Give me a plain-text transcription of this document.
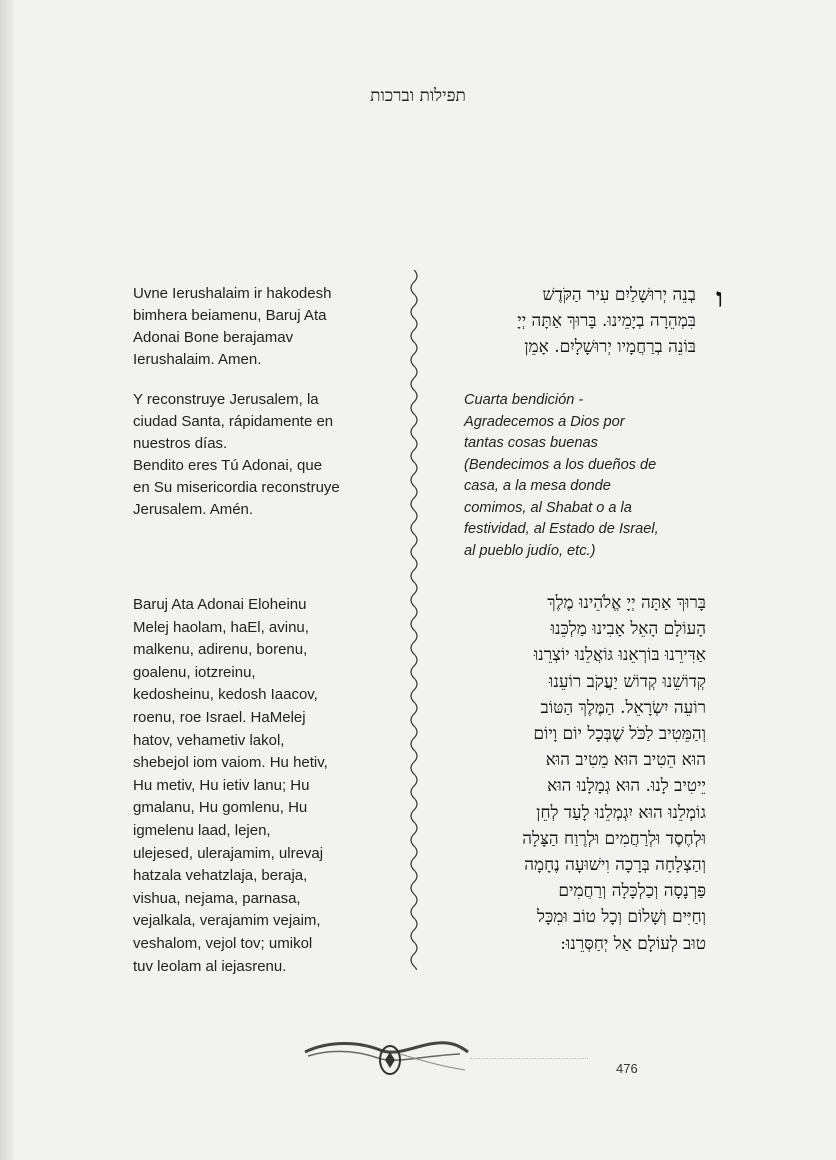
תפילות וברכות
Uvne Ierushalaim ir hakodesh
bimhera beiamenu, Baruj Ata
Adonai Bone berajamav
Ierushalaim. Amen.
Y reconstruye Jerusalem, la
ciudad Santa, rápidamente en
nuestros días.
Bendito eres Tú Adonai, que
en Su misericordia reconstruye
Jerusalem. Amén.
Baruj Ata Adonai Eloheinu
Melej haolam, haEl, avinu,
malkenu, adirenu, borenu,
goalenu, iotzreinu,
kedosheinu, kedosh Iaacov,
roenu, roe Israel. HaMelej
hatov, vehametiv lakol,
shebejol iom vaiom. Hu hetiv,
Hu metiv, Hu ietiv lanu; Hu
gmalanu, Hu gomlenu, Hu
igmelenu laad, lejen,
ulejesed, ulerajamim, ulrevaj
hatzala vehatzlaja, beraja,
vishua, nejama, parnasa,
vejalkala, verajamim vejaim,
veshalom, vejol tov; umikol
tuv leolam al iejasrenu.
ו
בְנֵה יְרוּשָׁלַיִם עִיר הַקֹּדֶשׁ
בִּמְהֵרָה בְיָמֵינוּ. בָּרוּךְ אַתָּה יְיָ
בּוֹנֵה בְרַחֲמָיו יְרוּשָׁלָיִם. אָמֵן
Cuarta bendición -
Agradecemos a Dios por
tantas cosas buenas
(Bendecimos a los dueños de
casa, a la mesa donde
comimos, al Shabat o a la
festividad, al Estado de Israel,
al pueblo judío, etc.)
בָּרוּךְ אַתָּה יְיָ אֱלֹהֵינוּ מֶלֶךְ
הָעוֹלָם הָאֵל אָבִינוּ מַלְכֵּנוּ
אַדִּירֵנוּ בּוֹרְאֵנוּ גּוֹאֲלֵנוּ יוֹצְרֵנוּ
קְדוֹשֵׁנוּ קְדוֹשׁ יַעֲקֹב רוֹעֵנוּ
רוֹעֵה יִשְׂרָאֵל. הַמֶּלֶךְ הַטּוֹב
וְהַמֵּטִיב לַכֹּל שֶׁבְּכָל יוֹם וָיוֹם
הוּא הֵטִיב הוּא מֵטִיב הוּא
יֵיטִיב לָנוּ. הוּא גְמָלָנוּ הוּא
גוֹמְלֵנוּ הוּא יִגְמְלֵנוּ לָעַד לְחֵן
וּלְחֶסֶד וּלְרַחֲמִים וּלְרֶוַח הַצָּלָה
וְהַצְלָחָה בְּרָכָה וִישׁוּעָה נֶחָמָה
פַּרְנָסָה וְכַלְכָּלָה וְרַחֲמִים
וְחַיִּים וְשָׁלוֹם וְכָל טוֹב וּמִכָּל
טוּב לְעוֹלָם אַל יְחַסְּרֵנוּ:
476
